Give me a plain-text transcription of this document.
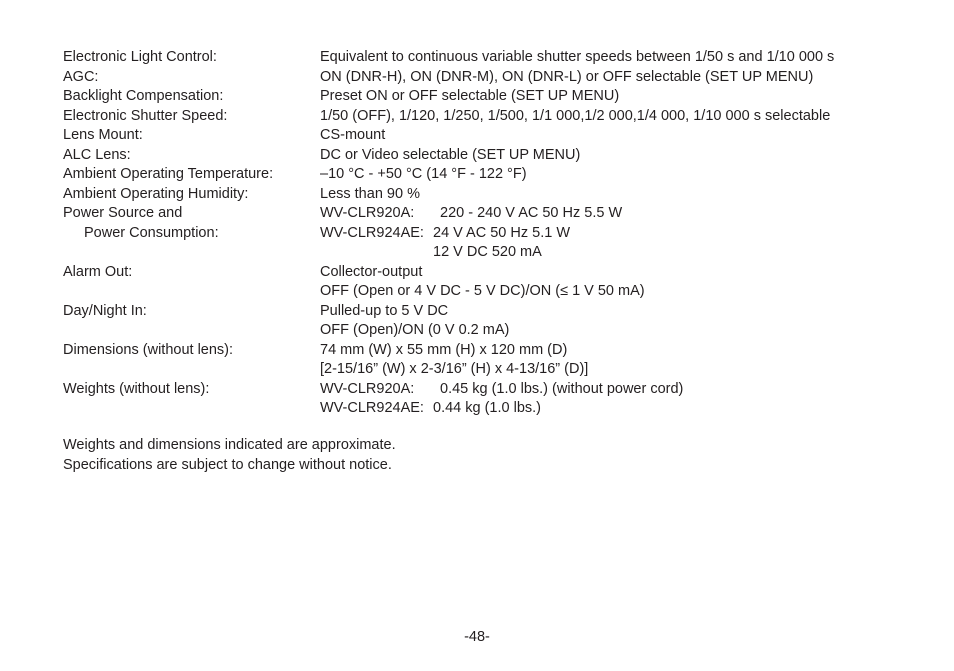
Electronic Light Control:	Equivalent to continuous variable shutter speeds between 1/50 s and 1/10 000 s
AGC:	ON (DNR-H), ON (DNR-M), ON (DNR-L) or OFF selectable (SET UP MENU)
Backlight Compensation:	Preset ON or OFF selectable (SET UP MENU)
Electronic Shutter Speed:	1/50 (OFF), 1/120, 1/250, 1/500, 1/1 000,1/2 000,1/4 000, 1/10 000 s selectable
Lens Mount:	CS-mount
ALC Lens:	DC or Video selectable (SET UP MENU)
Ambient Operating Temperature:	–10 °C - +50 °C (14 °F - 122 °F)
Ambient Operating Humidity:	Less than 90 %
Power Source and	WV-CLR920A:	220 - 240 V AC 50 Hz 5.5 W
Power Consumption:	WV-CLR924AE: 24 V AC 50 Hz 5.1 W
12 V DC 520 mA
Alarm Out:	Collector-output
OFF (Open or 4 V DC - 5 V DC)/ON (≤ 1 V 50 mA)
Day/Night In:	Pulled-up to 5 V DC
OFF (Open)/ON (0 V 0.2 mA)
Dimensions (without lens):	74 mm (W) x 55 mm (H) x 120 mm (D)
[2-15/16” (W) x 2-3/16” (H) x 4-13/16” (D)]
Weights (without lens):	WV-CLR920A:	0.45 kg (1.0 lbs.) (without power cord)
WV-CLR924AE: 0.44 kg (1.0 lbs.)
Weights and dimensions indicated are approximate.
Specifications are subject to change without notice.
-48-
